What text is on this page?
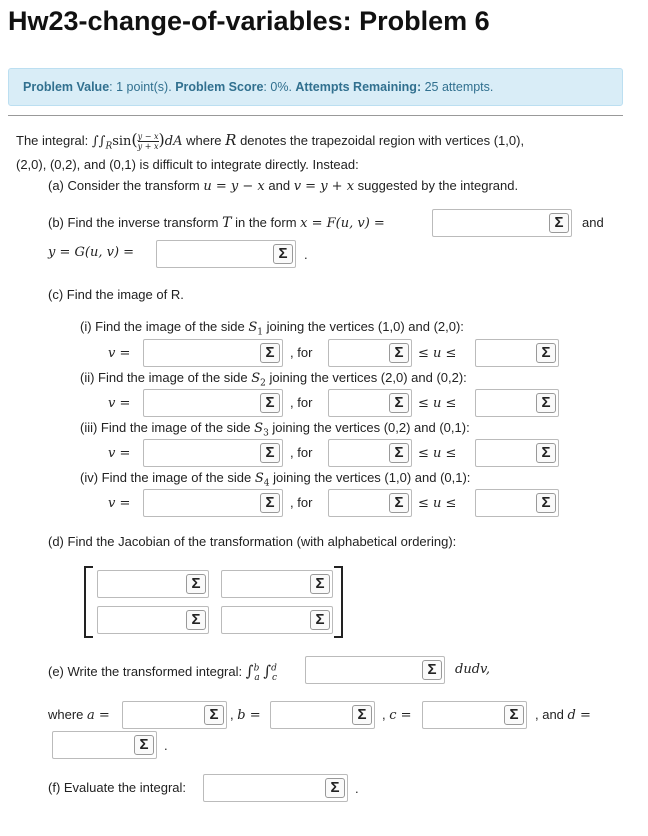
Hw23-change-of-variables: Problem 6
Problem Value: 1 point(s). Problem Score: 0%. Attempts Remaining: 25 attempts.
The integral: $\int\int_R\sin( \frac{y - x}{y + x} )dA$ where R denotes the trapezoidal region with vertices (1,0),
(2,0), (0,2), and (0,1) is difficult to integrate directly. Instead:
(a) Consider the transform u = y − x and v = y + x suggested by the integrand.
(b) Find the inverse transform T in the form x = F(u, v) =	Σ	and
y = G(u, v) =	Σ	.
(c) Find the image of R.
(i) Find the image of the side $S_1$ joining the vertices (1,0) and (2,0):
v =	Σ	, for	Σ	≤ u ≤	Σ
(ii) Find the image of the side $S_2$ joining the vertices (2,0) and (0,2):
v =	Σ	, for	Σ	≤ u ≤	Σ
(iii) Find the image of the side $S_3$ joining the vertices (0,2) and (0,1):
v =	Σ	, for	Σ	≤ u ≤	Σ
(iv) Find the image of the side $S_4$ joining the vertices (1,0) and (0,1):
v =	Σ	, for	Σ	≤ u ≤	Σ
(d) Find the Jacobian of the transformation (with alphabetical ordering):
Σ	Σ
Σ	Σ
(e) Write the transformed integral: ∫$^b_a$ ∫$^d_c$	Σ	dudv,
where a =	Σ , b =	Σ	, c =	Σ	, and d =
Σ	.
(f) Evaluate the integral:	Σ	.
